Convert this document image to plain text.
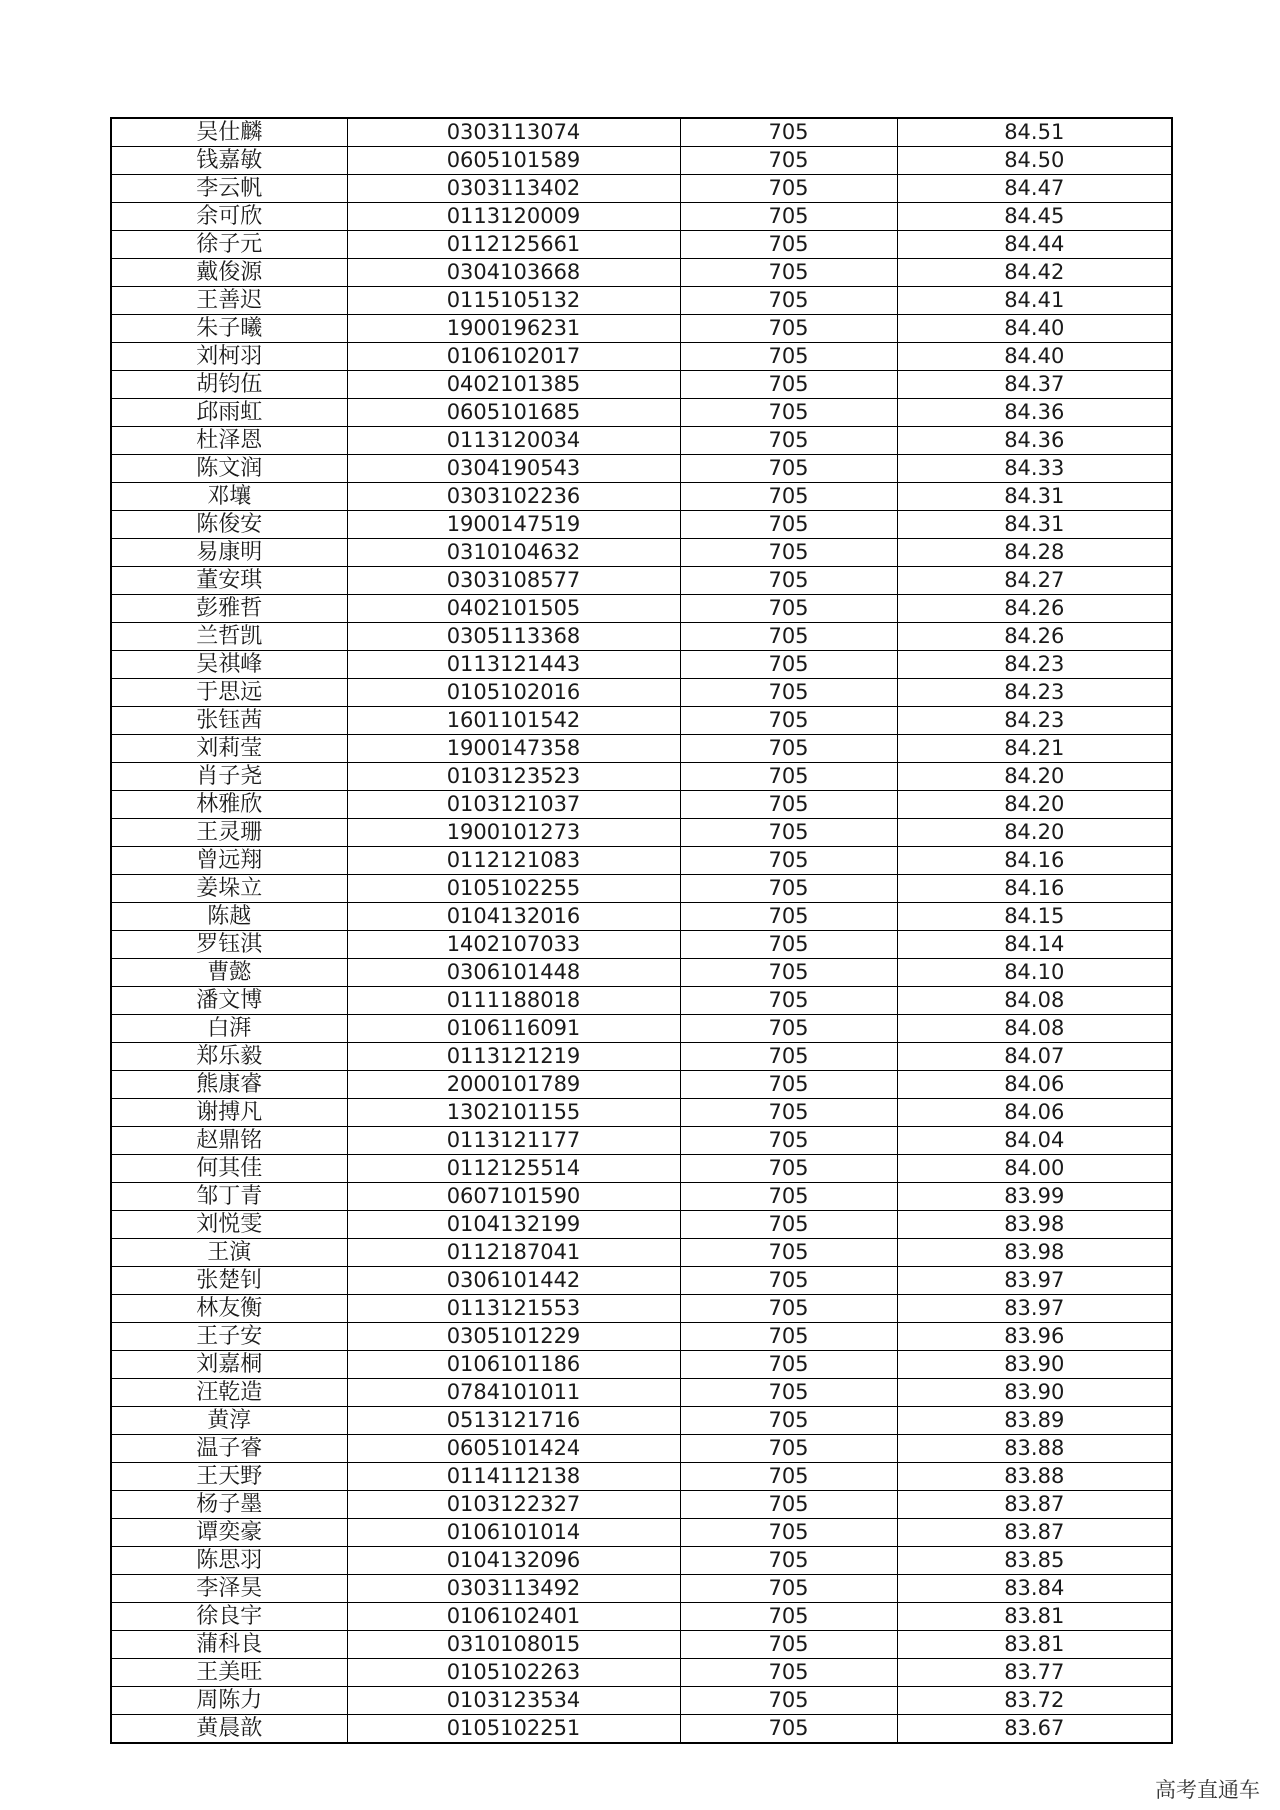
吴仕麟	0303113074	705	84.51
钱嘉敏	0605101589	705	84.50
李云帆	0303113402	705	84.47
余可欣	0113120009	705	84.45
徐子元	0112125661	705	84.44
戴俊源	0304103668	705	84.42
王善迟	0115105132	705	84.41
朱子曦	1900196231	705	84.40
刘柯羽	0106102017	705	84.40
胡钧伍	0402101385	705	84.37
邱雨虹	0605101685	705	84.36
杜泽恩	0113120034	705	84.36
陈文润	0304190543	705	84.33
邓壤	0303102236	705	84.31
陈俊安	1900147519	705	84.31
易康明	0310104632	705	84.28
董安琪	0303108577	705	84.27
彭雅哲	0402101505	705	84.26
兰哲凯	0305113368	705	84.26
吴祺峰	0113121443	705	84.23
于思远	0105102016	705	84.23
张钰茜	1601101542	705	84.23
刘莉莹	1900147358	705	84.21
肖子尧	0103123523	705	84.20
林雅欣	0103121037	705	84.20
王灵珊	1900101273	705	84.20
曾远翔	0112121083	705	84.16
姜垛立	0105102255	705	84.16
陈越	0104132016	705	84.15
罗钰淇	1402107033	705	84.14
曹懿	0306101448	705	84.10
潘文博	0111188018	705	84.08
白湃	0106116091	705	84.08
郑乐毅	0113121219	705	84.07
熊康睿	2000101789	705	84.06
谢搏凡	1302101155	705	84.06
赵鼎铭	0113121177	705	84.04
何其佳	0112125514	705	84.00
邹丁青	0607101590	705	83.99
刘悦雯	0104132199	705	83.98
王演	0112187041	705	83.98
张楚钊	0306101442	705	83.97
林友衡	0113121553	705	83.97
王子安	0305101229	705	83.96
刘嘉桐	0106101186	705	83.90
汪乾造	0784101011	705	83.90
黄淳	0513121716	705	83.89
温子睿	0605101424	705	83.88
王天野	0114112138	705	83.88
杨子墨	0103122327	705	83.87
谭奕豪	0106101014	705	83.87
陈思羽	0104132096	705	83.85
李泽昊	0303113492	705	83.84
徐良宇	0106102401	705	83.81
蒲科良	0310108015	705	83.81
王美旺	0105102263	705	83.77
周陈力	0103123534	705	83.72
黄晨歆	0105102251	705	83.67
高考直通车
